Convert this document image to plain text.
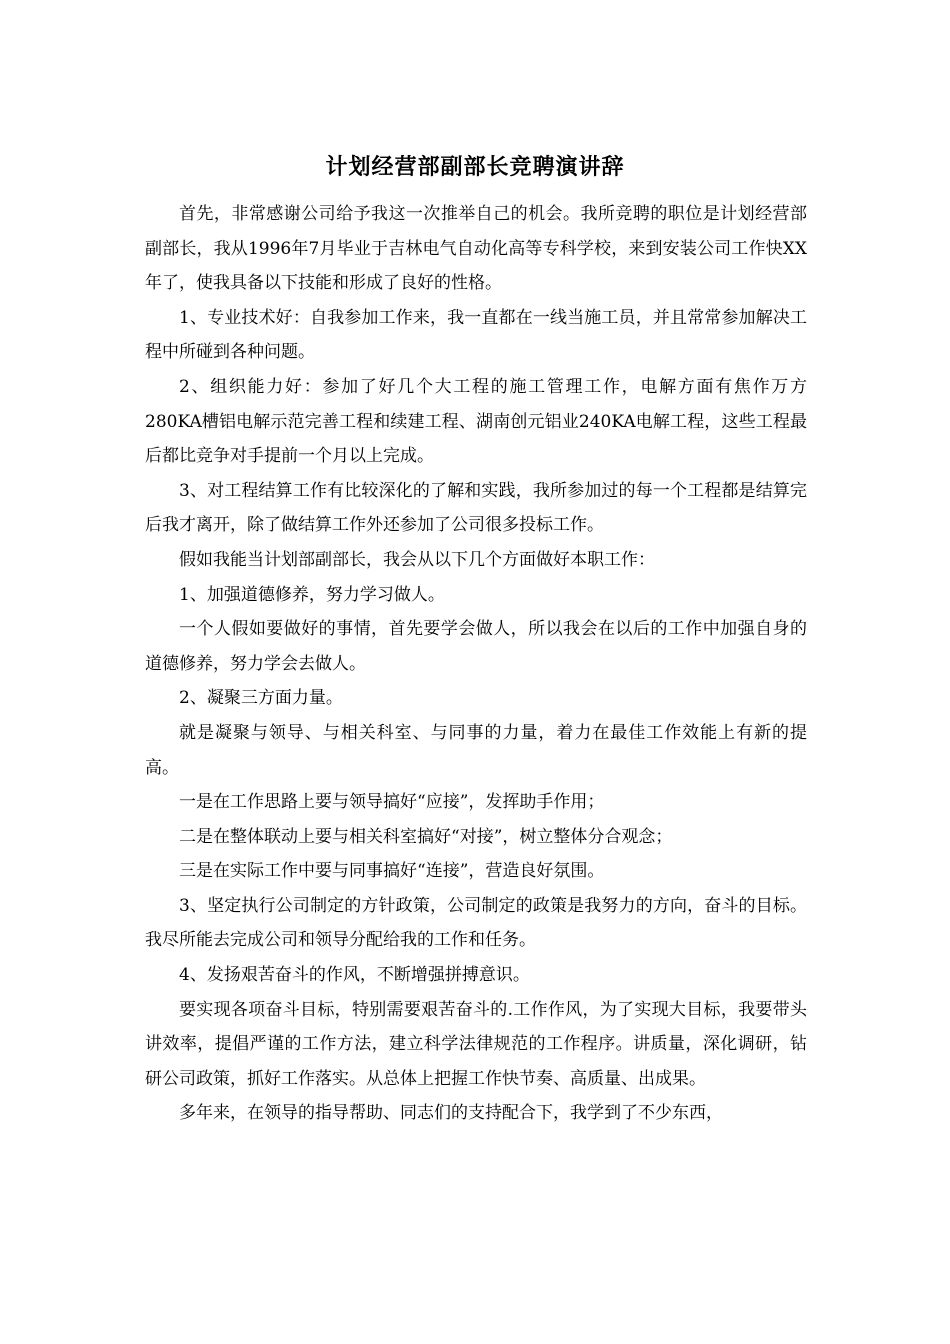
计划经营部副部长竞聘演讲辞

首先，非常感谢公司给予我这一次推举自己的机会。我所竞聘的职位是计划经营部副部长，我从1996年7月毕业于吉林电气自动化高等专科学校，来到安装公司工作快XX年了，使我具备以下技能和形成了良好的性格。

1、专业技术好：自我参加工作来，我一直都在一线当施工员，并且常常参加解决工程中所碰到各种问题。

2、组织能力好：参加了好几个大工程的施工管理工作，电解方面有焦作万方280KA槽铝电解示范完善工程和续建工程、湖南创元铝业240KA电解工程，这些工程最后都比竞争对手提前一个月以上完成。

3、对工程结算工作有比较深化的了解和实践，我所参加过的每一个工程都是结算完后我才离开，除了做结算工作外还参加了公司很多投标工作。

假如我能当计划部副部长，我会从以下几个方面做好本职工作：

1、加强道德修养，努力学习做人。

一个人假如要做好的事情，首先要学会做人，所以我会在以后的工作中加强自身的道德修养，努力学会去做人。

2、凝聚三方面力量。

就是凝聚与领导、与相关科室、与同事的力量，着力在最佳工作效能上有新的提高。

一是在工作思路上要与领导搞好“应接”，发挥助手作用；

二是在整体联动上要与相关科室搞好“对接”，树立整体分合观念；

三是在实际工作中要与同事搞好“连接”，营造良好氛围。

3、坚定执行公司制定的方针政策，公司制定的政策是我努力的方向，奋斗的目标。我尽所能去完成公司和领导分配给我的工作和任务。

4、发扬艰苦奋斗的作风，不断增强拼搏意识。

要实现各项奋斗目标，特别需要艰苦奋斗的.工作作风，为了实现大目标，我要带头讲效率，提倡严谨的工作方法，建立科学法律规范的工作程序。讲质量，深化调研，钻研公司政策，抓好工作落实。从总体上把握工作快节奏、高质量、出成果。

多年来，在领导的指导帮助、同志们的支持配合下，我学到了不少东西，
